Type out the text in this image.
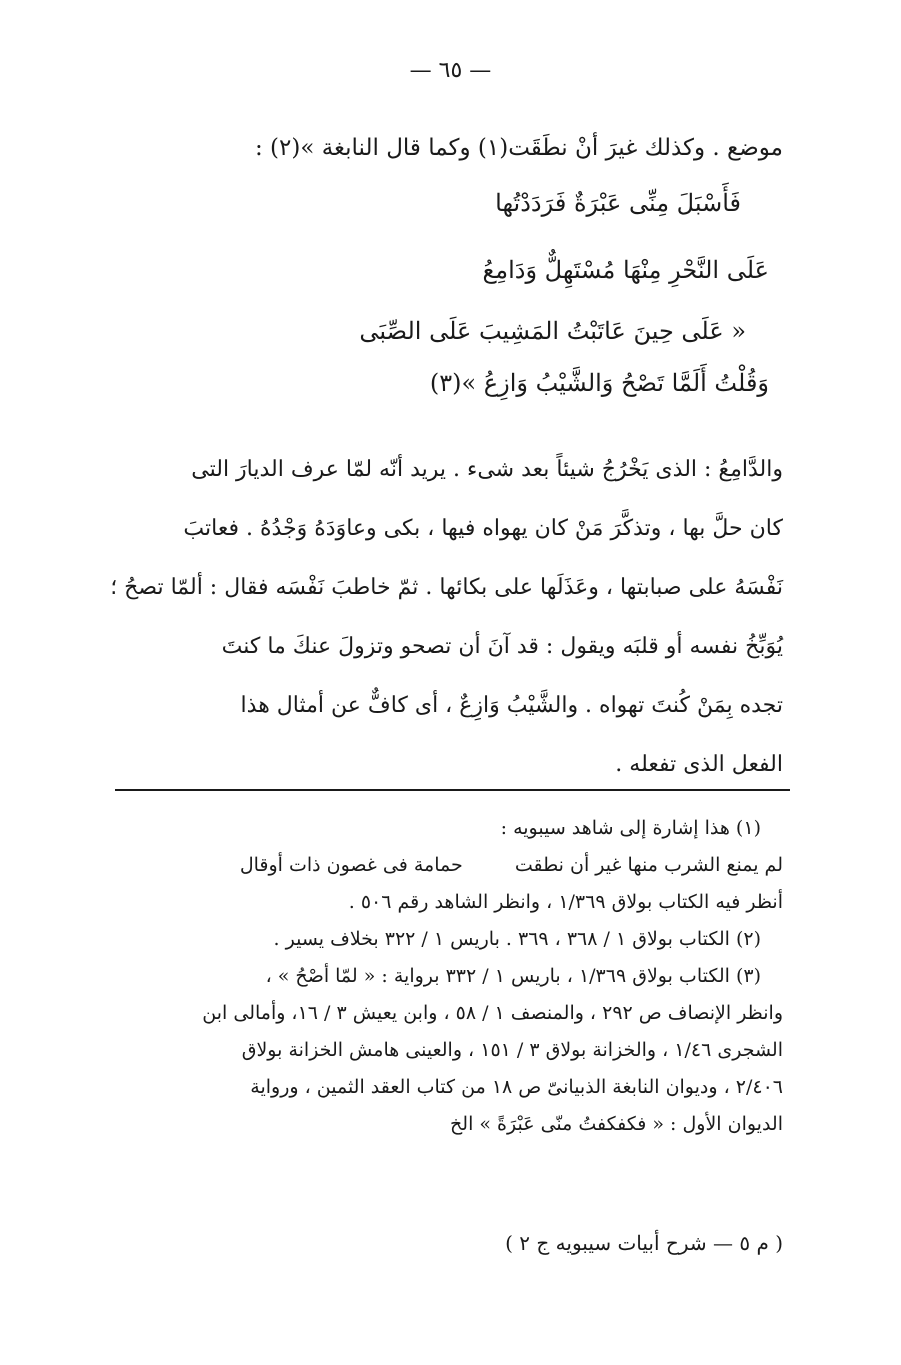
— ٦٥ —
موضع . وكذلك غيرَ أنْ نطَقَت(١) وكما قال النابغة »(٢) :
فَأَسْبَلَ مِنِّى عَبْرَةٌ فَرَدَدْتُها
عَلَى النَّحْرِ مِنْهَا مُسْتَهِلٌّ وَدَامِعُ
« عَلَى حِينَ عَاتَبْتُ المَشِيبَ عَلَى الصِّبَى
وَقُلْتُ أَلَمَّا تَصْحُ وَالشَّيْبُ وَازِعُ »(٣)
والدَّامِعُ : الذى يَخْرُجُ شيئاً بعد شىء . يريد أنّه لمّا عرف الديارَ التى
كان حلَّ بها ، وتذكَّرَ مَنْ كان يهواه فيها ، بكى وعاوَدَهُ وَجْدُهُ . فعاتبَ
نَفْسَهُ على صبابتها ، وعَذَلَها على بكائها . ثمّ خاطبَ نَفْسَه فقال : ألمّا تصحُ ؛
يُوَبِّخُ نفسه أو قلبَه ويقول : قد آنَ أن تصحو وتزولَ عنكَ ما كنتَ
تجده بِمَنْ كُنتَ تهواه . والشَّيْبُ وَازِعٌ ، أى كافٌّ عن أمثال هذا
الفعل الذى تفعله .
(١) هذا إشارة إلى شاهد سيبويه :
لم يمنع الشرب منها غير أن نطقت  حمامة فى غصون ذات أوقال
أنظر فيه الكتاب بولاق ١/٣٦٩ ، وانظر الشاهد رقم ٥٠٦ .
(٢) الكتاب بولاق ١ / ٣٦٨ ، ٣٦٩ . باريس ١ / ٣٢٢ بخلاف يسير .
(٣) الكتاب بولاق ١/٣٦٩ ، باريس ١ / ٣٣٢ برواية : « لمّا أصْحُ » ،
وانظر الإنصاف ص ٢٩٢ ، والمنصف ١ / ٥٨ ، وابن يعيش ٣ / ١٦، وأمالى ابن
الشجرى ١/٤٦ ، والخزانة بولاق ٣ / ١٥١ ، والعينى هامش الخزانة بولاق
٢/٤٠٦ ، وديوان النابغة الذبيانىّ ص ١٨ من كتاب العقد الثمين ، ورواية
الديوان الأول : « فكفكفتُ منّى عَبْرَةً » الخ
( م ٥ — شرح أبيات سيبويه ج ٢ )
